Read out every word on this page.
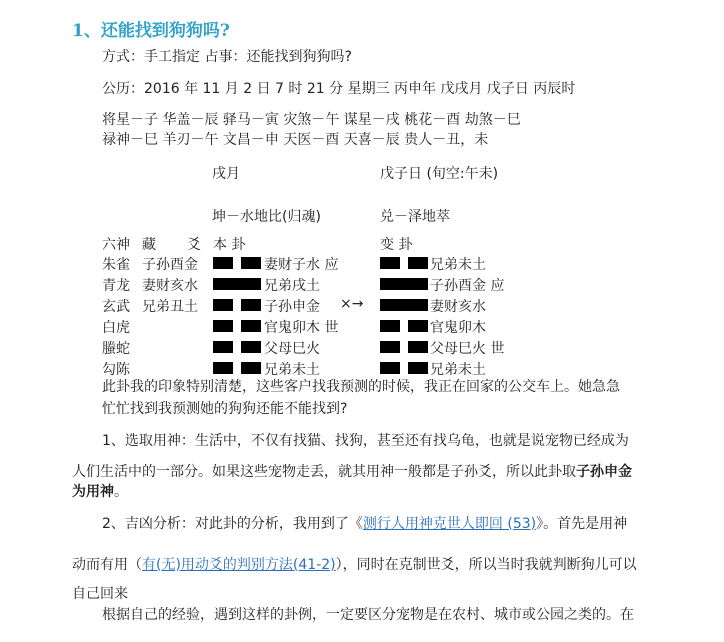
1、还能找到狗狗吗?
方式：手工指定 占事：还能找到狗狗吗?
公历：2016 年 11 月 2 日 7 时 21 分 星期三 丙申年 戊戌月 戊子日 丙辰时
将星－子 华盖－辰 驿马－寅 灾煞－午 谋星－戌 桃花－酉 劫煞－巳
禄神－巳 羊刃－午 文昌－申 天医－酉 天喜－辰 贵人－丑，未
戌月	戊子日 (旬空:午未)
坤－水地比(归魂)	兑－泽地萃
六神 藏 爻 本 卦	变 卦
朱雀 子孙酉金	妻财子水 应	兄弟未土
青龙 妻财亥水	兄弟戌土	子孙酉金 应
玄武 兄弟丑土	子孙申金 ×→	妻财亥水
白虎	官鬼卯木 世	官鬼卯木
螣蛇	父母巳火	父母巳火 世
勾陈	兄弟未土	兄弟未土
此卦我的印象特别清楚，这些客户找我预测的时候，我正在回家的公交车上。她急急忙忙找到我预测她的狗狗还能不能找到?
1、选取用神：生活中，不仅有找猫、找狗，甚至还有找乌龟，也就是说宠物已经成为
人们生活中的一部分。如果这些宠物走丢，就其用神一般都是子孙爻，所以此卦取子孙申金
为用神。
2、吉凶分析：对此卦的分析，我用到了《测行人用神克世人即回 (53)》。首先是用神
动而有用（有(无)用动爻的判别方法(41-2)），同时在克制世爻，所以当时我就判断狗儿可以
自己回来
根据自己的经验，遇到这样的卦例，一定要区分宠物是在农村、城市或公园之类的。在
